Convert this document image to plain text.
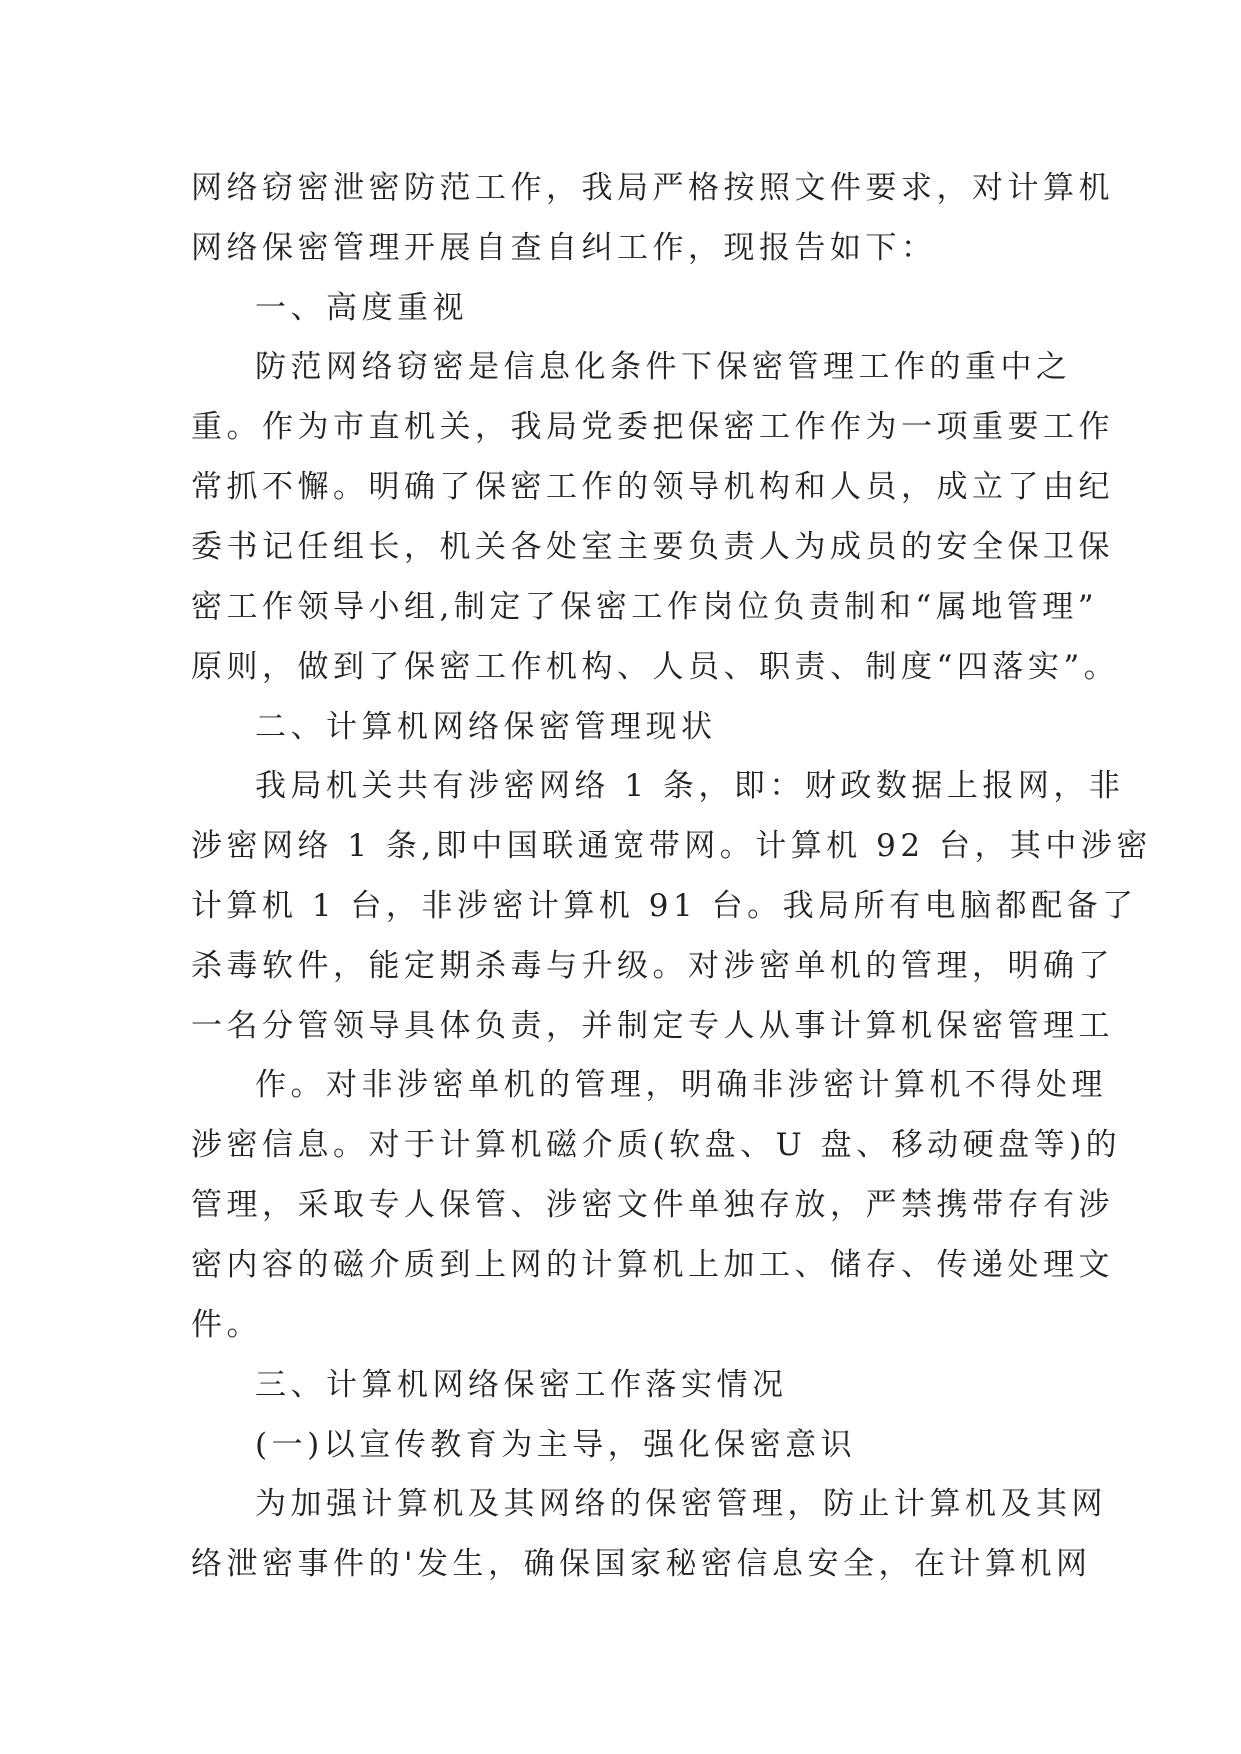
网络窃密泄密防范工作，我局严格按照文件要求，对计算机
网络保密管理开展自查自纠工作，现报告如下：
一、高度重视
防范网络窃密是信息化条件下保密管理工作的重中之
重。作为市直机关，我局党委把保密工作作为一项重要工作
常抓不懈。明确了保密工作的领导机构和人员，成立了由纪
委书记任组长，机关各处室主要负责人为成员的安全保卫保
密工作领导小组,制定了保密工作岗位负责制和“属地管理”
原则，做到了保密工作机构、人员、职责、制度“四落实”。
二、计算机网络保密管理现状
我局机关共有涉密网络 1 条，即：财政数据上报网，非
涉密网络 1 条,即中国联通宽带网。计算机 92 台，其中涉密
计算机 1 台，非涉密计算机 91 台。我局所有电脑都配备了
杀毒软件，能定期杀毒与升级。对涉密单机的管理，明确了
一名分管领导具体负责，并制定专人从事计算机保密管理工
作。对非涉密单机的管理，明确非涉密计算机不得处理
涉密信息。对于计算机磁介质(软盘、U 盘、移动硬盘等)的
管理，采取专人保管、涉密文件单独存放，严禁携带存有涉
密内容的磁介质到上网的计算机上加工、储存、传递处理文
件。
三、计算机网络保密工作落实情况
(一)以宣传教育为主导，强化保密意识
为加强计算机及其网络的保密管理，防止计算机及其网
络泄密事件的'发生，确保国家秘密信息安全，在计算机网
